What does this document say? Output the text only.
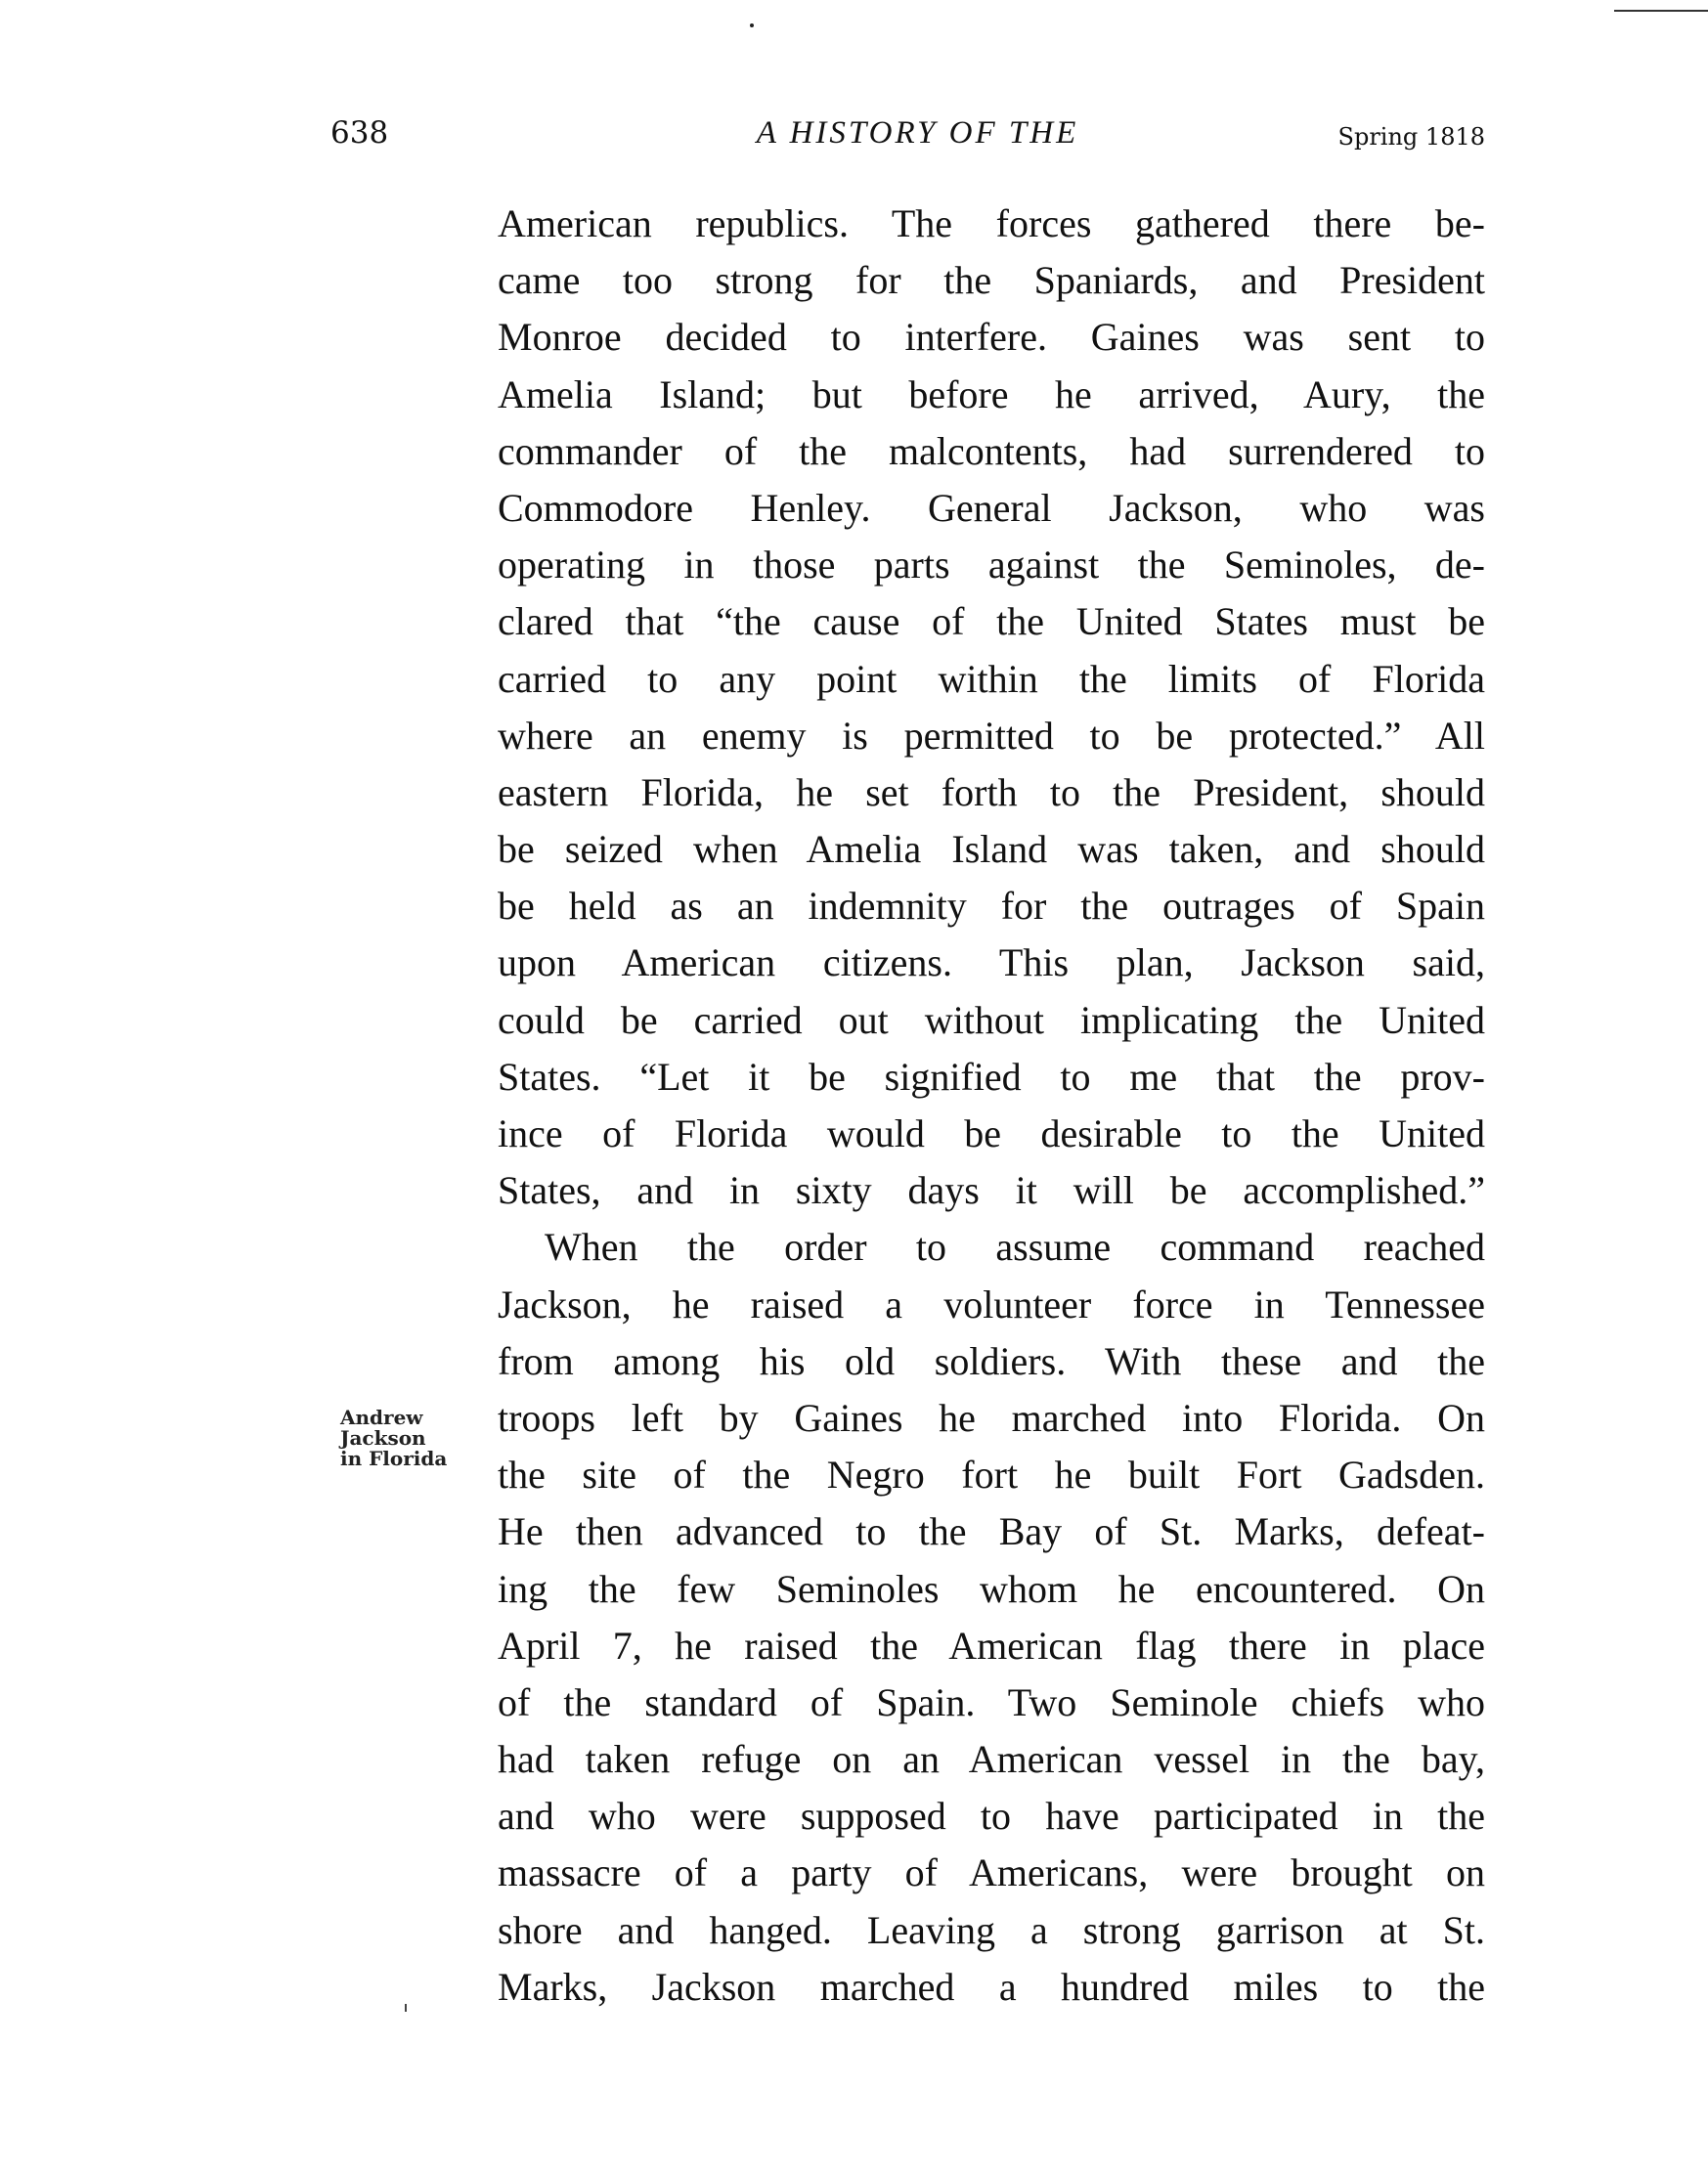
638	A HISTORY OF THE	Spring 1818
Andrew
Jackson
in Florida
American republics. The forces gathered there be-
came too strong for the Spaniards, and President
Monroe decided to interfere. Gaines was sent to
Amelia Island; but before he arrived, Aury, the
commander of the malcontents, had surrendered to
Commodore Henley. General Jackson, who was
operating in those parts against the Seminoles, de-
clared that “the cause of the United States must be
carried to any point within the limits of Florida
where an enemy is permitted to be protected.” All
eastern Florida, he set forth to the President, should
be seized when Amelia Island was taken, and should
be held as an indemnity for the outrages of Spain
upon American citizens. This plan, Jackson said,
could be carried out without implicating the United
States. “Let it be signified to me that the prov-
ince of Florida would be desirable to the United
States, and in sixty days it will be accomplished.”
When the order to assume command reached
Jackson, he raised a volunteer force in Tennessee
from among his old soldiers. With these and the
troops left by Gaines he marched into Florida. On
the site of the Negro fort he built Fort Gadsden.
He then advanced to the Bay of St. Marks, defeat-
ing the few Seminoles whom he encountered. On
April 7, he raised the American flag there in place
of the standard of Spain. Two Seminole chiefs who
had taken refuge on an American vessel in the bay,
and who were supposed to have participated in the
massacre of a party of Americans, were brought on
shore and hanged. Leaving a strong garrison at St.
Marks, Jackson marched a hundred miles to the
